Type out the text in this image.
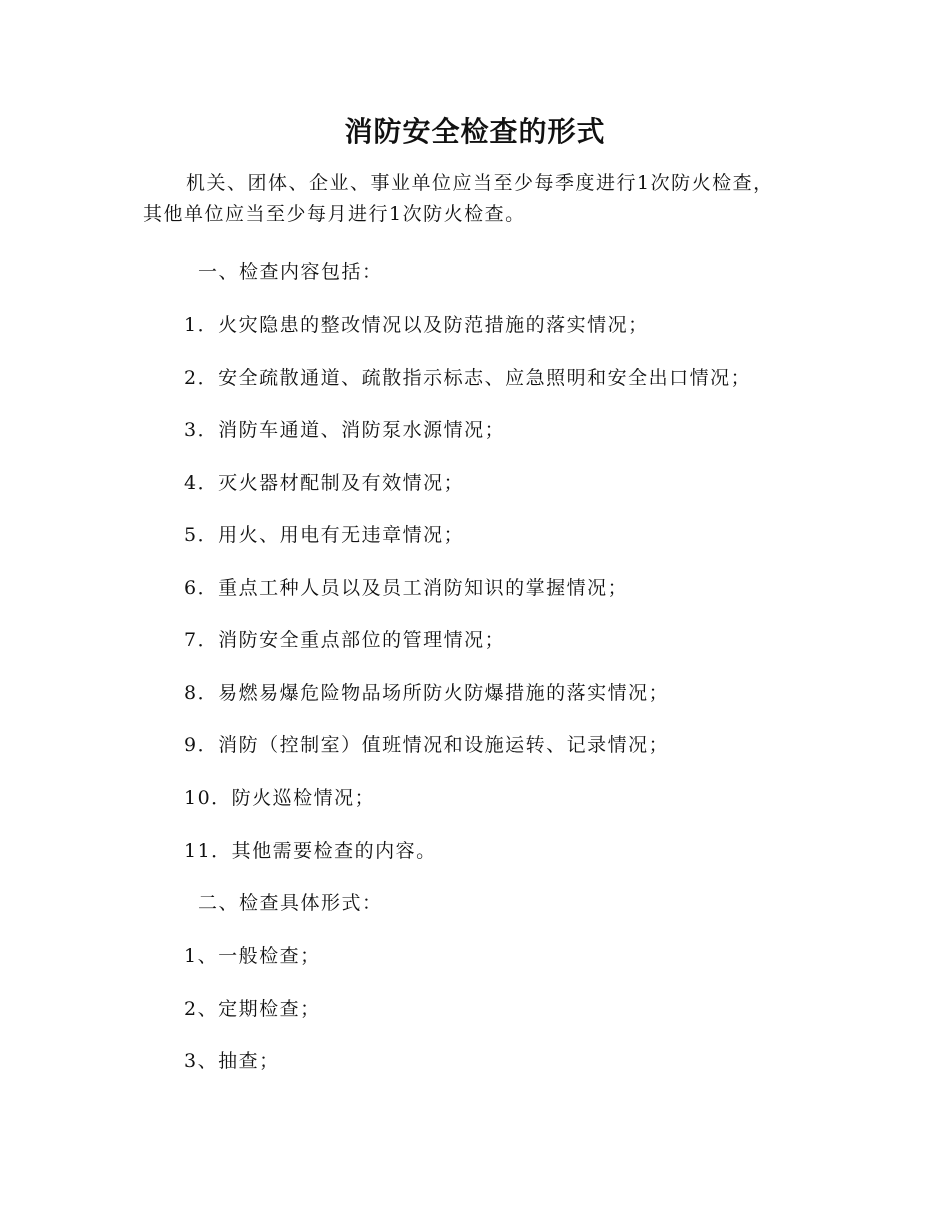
消防安全检查的形式

机关、团体、企业、事业单位应当至少每季度进行1次防火检查，其他单位应当至少每月进行1次防火检查。

一、检查内容包括：

1．火灾隐患的整改情况以及防范措施的落实情况；

2．安全疏散通道、疏散指示标志、应急照明和安全出口情况；

3．消防车通道、消防泵水源情况；

4．灭火器材配制及有效情况；

5．用火、用电有无违章情况；

6．重点工种人员以及员工消防知识的掌握情况；

7．消防安全重点部位的管理情况；

8．易燃易爆危险物品场所防火防爆措施的落实情况；

9．消防（控制室）值班情况和设施运转、记录情况；

10．防火巡检情况；

11．其他需要检查的内容。

二、检查具体形式：

1、一般检查；

2、定期检查；

3、抽查；
